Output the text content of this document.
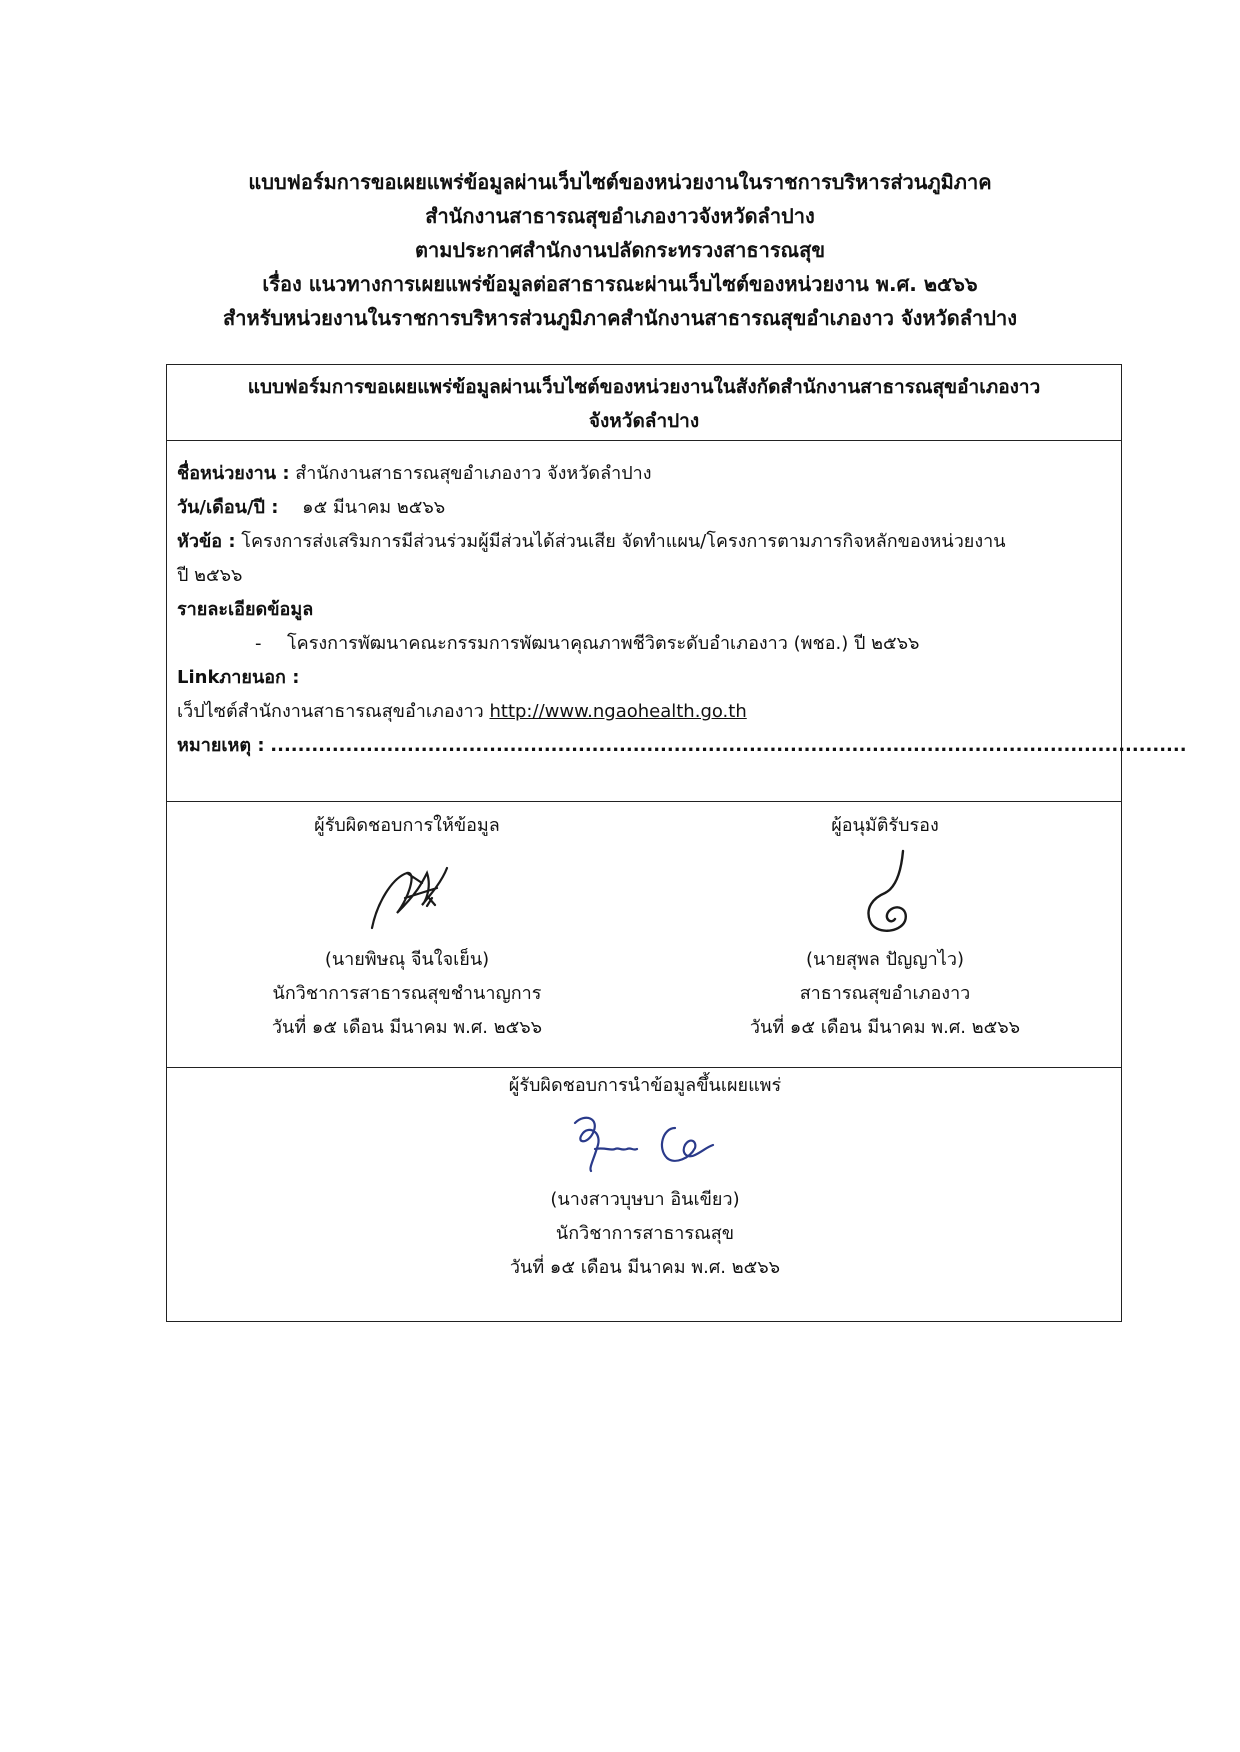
แบบฟอร์มการขอเผยแพร่ข้อมูลผ่านเว็บไซต์ของหน่วยงานในราชการบริหารส่วนภูมิภาค
สำนักงานสาธารณสุขอำเภองาวจังหวัดลำปาง
ตามประกาศสำนักงานปลัดกระทรวงสาธารณสุข
เรื่อง แนวทางการเผยแพร่ข้อมูลต่อสาธารณะผ่านเว็บไซต์ของหน่วยงาน พ.ศ. ๒๕๖๖
สำหรับหน่วยงานในราชการบริหารส่วนภูมิภาคสำนักงานสาธารณสุขอำเภองาว จังหวัดลำปาง
แบบฟอร์มการขอเผยแพร่ข้อมูลผ่านเว็บไซต์ของหน่วยงานในสังกัดสำนักงานสาธารณสุขอำเภองาว
จังหวัดลำปาง
ชื่อหน่วยงาน : สำนักงานสาธารณสุขอำเภองาว จังหวัดลำปาง
วัน/เดือน/ปี : ๑๕ มีนาคม ๒๕๖๖
หัวข้อ : โครงการส่งเสริมการมีส่วนร่วมผู้มีส่วนได้ส่วนเสีย จัดทำแผน/โครงการตามภารกิจหลักของหน่วยงาน
ปี ๒๕๖๖
รายละเอียดข้อมูล
- โครงการพัฒนาคณะกรรมการพัฒนาคุณภาพชีวิตระดับอำเภองาว (พชอ.) ปี ๒๕๖๖
Linkภายนอก :
เว็ปไซต์สำนักงานสาธารณสุขอำเภองาว http://www.ngaohealth.go.th
หมายเหตุ : ......................................................................................................................................
ผู้รับผิดชอบการให้ข้อมูล
(นายพิษณุ จีนใจเย็น)
นักวิชาการสาธารณสุขชำนาญการ
วันที่ ๑๕ เดือน มีนาคม พ.ศ. ๒๕๖๖
ผู้อนุมัติรับรอง
(นายสุพล ปัญญาไว)
สาธารณสุขอำเภองาว
วันที่ ๑๕ เดือน มีนาคม พ.ศ. ๒๕๖๖
ผู้รับผิดชอบการนำข้อมูลขึ้นเผยแพร่
(นางสาวบุษบา อินเขียว)
นักวิชาการสาธารณสุข
วันที่ ๑๕ เดือน มีนาคม พ.ศ. ๒๕๖๖
